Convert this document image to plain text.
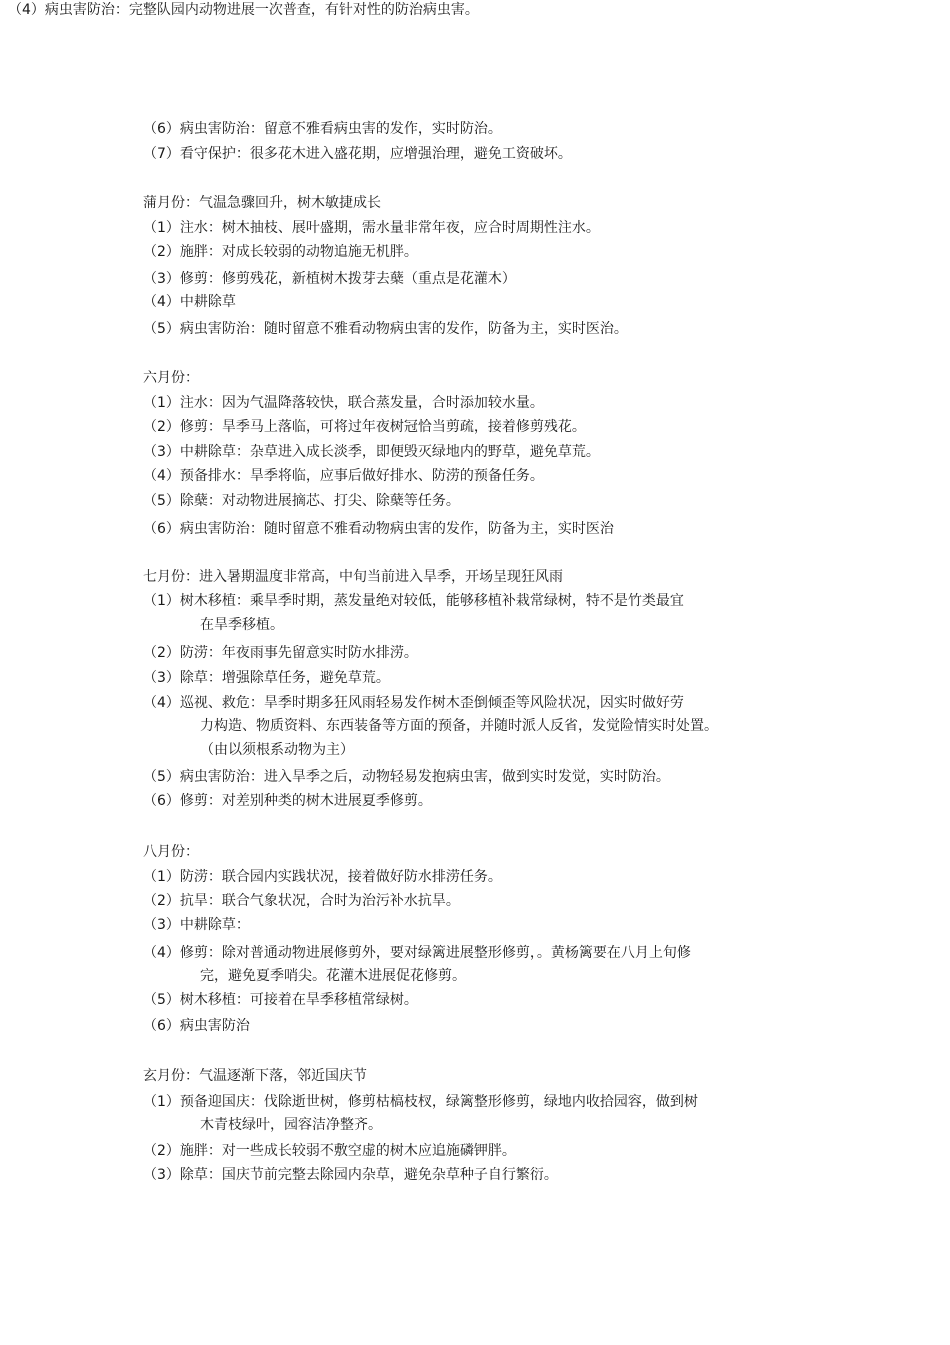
（4）病虫害防治：完整队园内动物进展一次普查，有针对性的防治病虫害。
（6）病虫害防治：留意不雅看病虫害的发作，实时防治。
（7）看守保护：很多花木进入盛花期，应增强治理，避免工资破坏。
蒲月份：气温急骤回升，树木敏捷成长
（1）注水：树木抽枝、展叶盛期，需水量非常年夜，应合时周期性注水。
（2）施胖：对成长较弱的动物追施无机胖。
（3）修剪：修剪残花，新植树木拨芽去蘖（重点是花灌木）
（4）中耕除草
（5）病虫害防治：随时留意不雅看动物病虫害的发作，防备为主，实时医治。
六月份：
（1）注水：因为气温降落较快，联合蒸发量，合时添加较水量。
（2）修剪：旱季马上落临，可将过年夜树冠恰当剪疏，接着修剪残花。
（3）中耕除草：杂草进入成长淡季，即便毁灭绿地内的野草，避免草荒。
（4）预备排水：旱季将临，应事后做好排水、防涝的预备任务。
（5）除蘖：对动物进展摘芯、打尖、除蘖等任务。
（6）病虫害防治：随时留意不雅看动物病虫害的发作，防备为主，实时医治
七月份：进入暑期温度非常高，中旬当前进入旱季，开场呈现狂风雨
（1）树木移植：乘旱季时期，蒸发量绝对较低，能够移植补栽常绿树，特不是竹类最宜
在旱季移植。
（2）防涝：年夜雨事先留意实时防水排涝。
（3）除草：增强除草任务，避免草荒。
（4）巡视、救危：旱季时期多狂风雨轻易发作树木歪倒倾歪等风险状况，因实时做好劳
力构造、物质资料、东西装备等方面的预备，并随时派人反省，发觉险情实时处置。
（由以须根系动物为主）
（5）病虫害防治：进入旱季之后，动物轻易发抱病虫害，做到实时发觉，实时防治。
（6）修剪：对差别种类的树木进展夏季修剪。
八月份：
（1）防涝：联合园内实践状况，接着做好防水排涝任务。
（2）抗旱：联合气象状况，合时为治污补水抗旱。
（3）中耕除草：
（4）修剪：除对普通动物进展修剪外，要对绿篱进展整形修剪，。黄杨篱要在八月上旬修
完，避免夏季哨尖。花灌木进展促花修剪。
（5）树木移植：可接着在旱季移植常绿树。
（6）病虫害防治
玄月份：气温逐渐下落，邻近国庆节
（1）预备迎国庆：伐除逝世树，修剪枯槁枝杈，绿篱整形修剪，绿地内收拾园容，做到树
木青枝绿叶，园容洁净整齐。
（2）施胖：对一些成长较弱不敷空虚的树木应追施磷钾胖。
（3）除草：国庆节前完整去除园内杂草，避免杂草种子自行繁衍。
